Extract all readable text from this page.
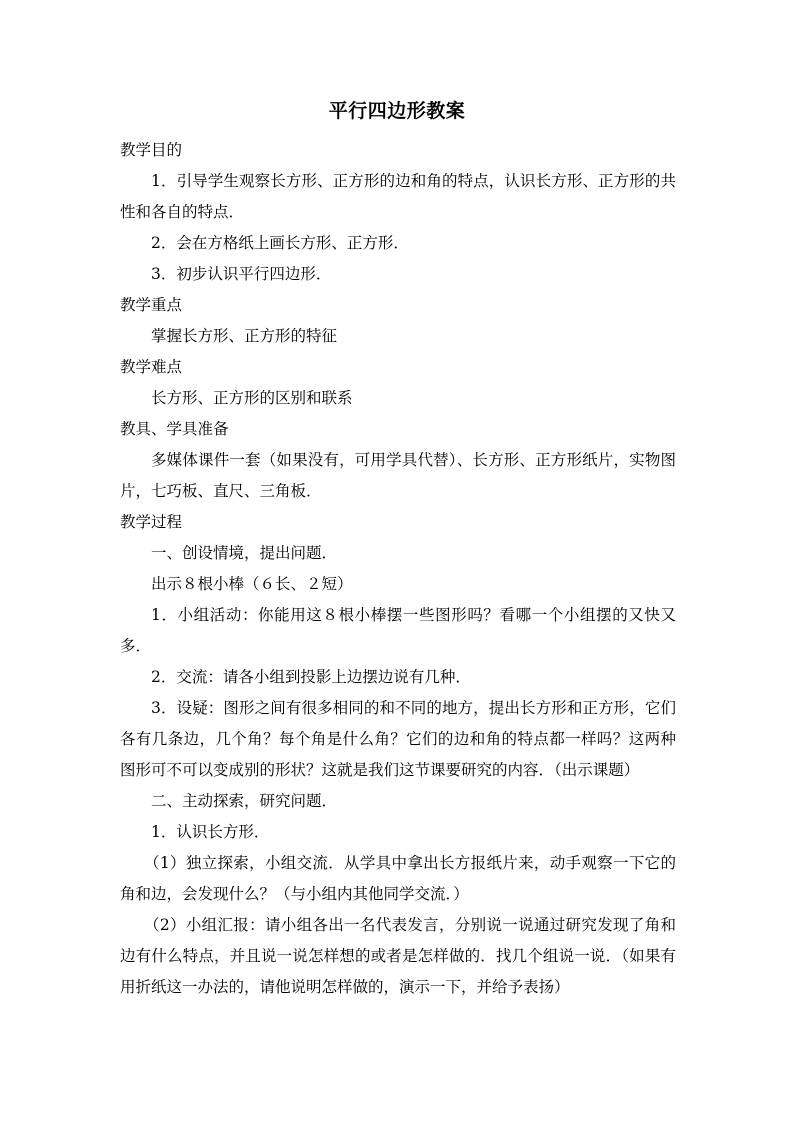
平行四边形教案

教学目的

1．引导学生观察长方形、正方形的边和角的特点，认识长方形、正方形的共性和各自的特点．

2．会在方格纸上画长方形、正方形．

3．初步认识平行四边形．

教学重点

掌握长方形、正方形的特征

教学难点

长方形、正方形的区别和联系

教具、学具准备

多媒体课件一套（如果没有，可用学具代替）、长方形、正方形纸片，实物图片，七巧板、直尺、三角板．

教学过程

一、创设情境，提出问题．

出示８根小棒（６长、２短）

1．小组活动：你能用这８根小棒摆一些图形吗？看哪一个小组摆的又快又多．

2．交流：请各小组到投影上边摆边说有几种．

3．设疑：图形之间有很多相同的和不同的地方，提出长方形和正方形，它们各有几条边，几个角？每个角是什么角？它们的边和角的特点都一样吗？这两种图形可不可以变成别的形状？这就是我们这节课要研究的内容．（出示课题）

二、主动探索，研究问题．

1．认识长方形．

（1）独立探索，小组交流．从学具中拿出长方报纸片来，动手观察一下它的角和边，会发现什么？（与小组内其他同学交流．）

（2）小组汇报：请小组各出一名代表发言，分别说一说通过研究发现了角和边有什么特点，并且说一说怎样想的或者是怎样做的．找几个组说一说．（如果有用折纸这一办法的，请他说明怎样做的，演示一下，并给予表扬）
